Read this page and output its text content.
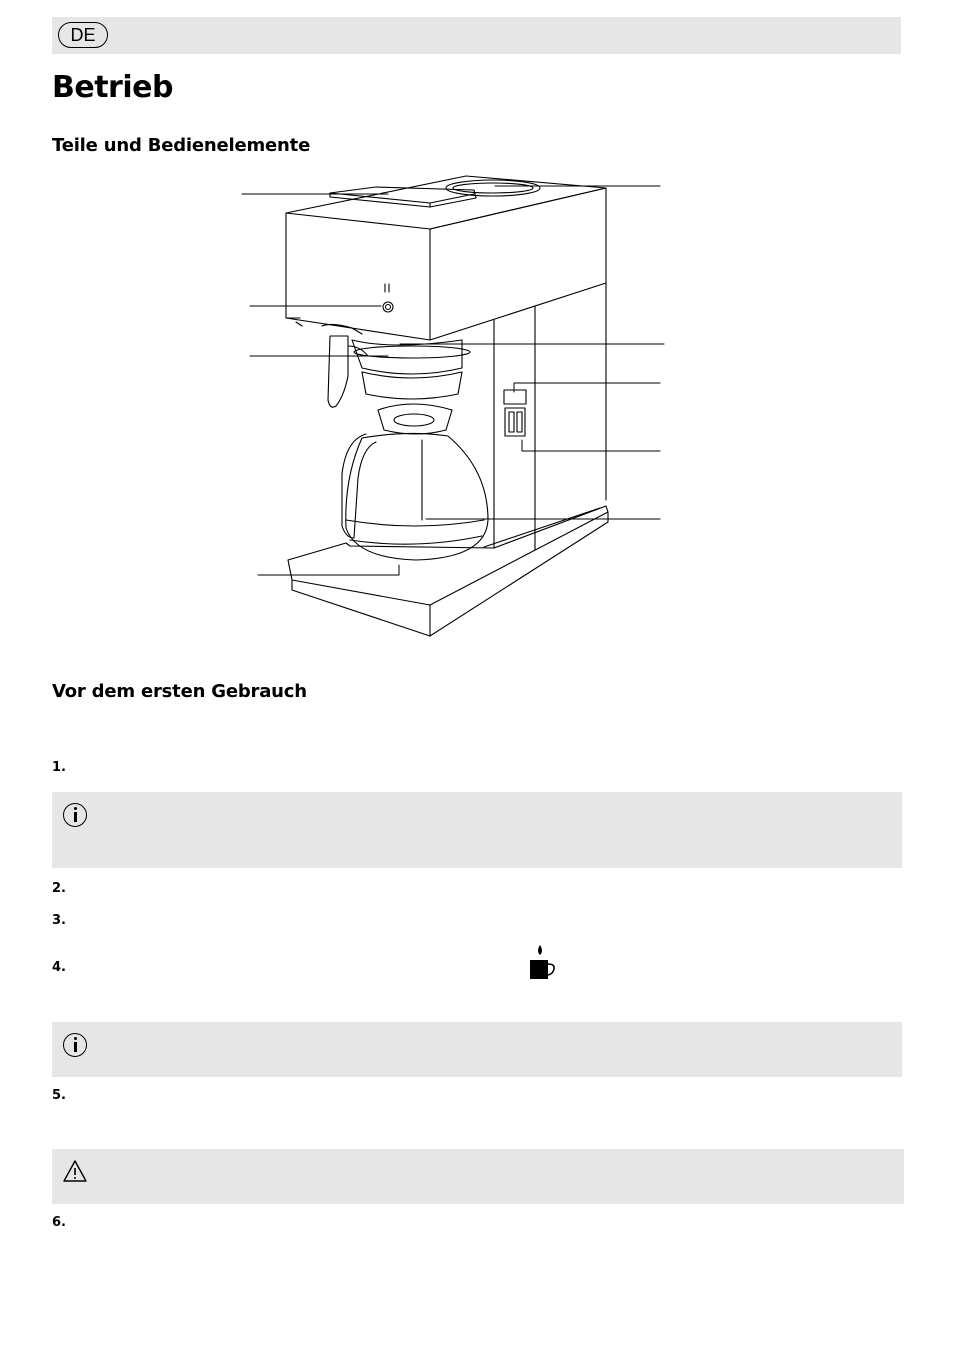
DE
Betrieb
Teile und Bedienelemente
Vor dem ersten Gebrauch
1.
2.
3.
4.
5.
6.
